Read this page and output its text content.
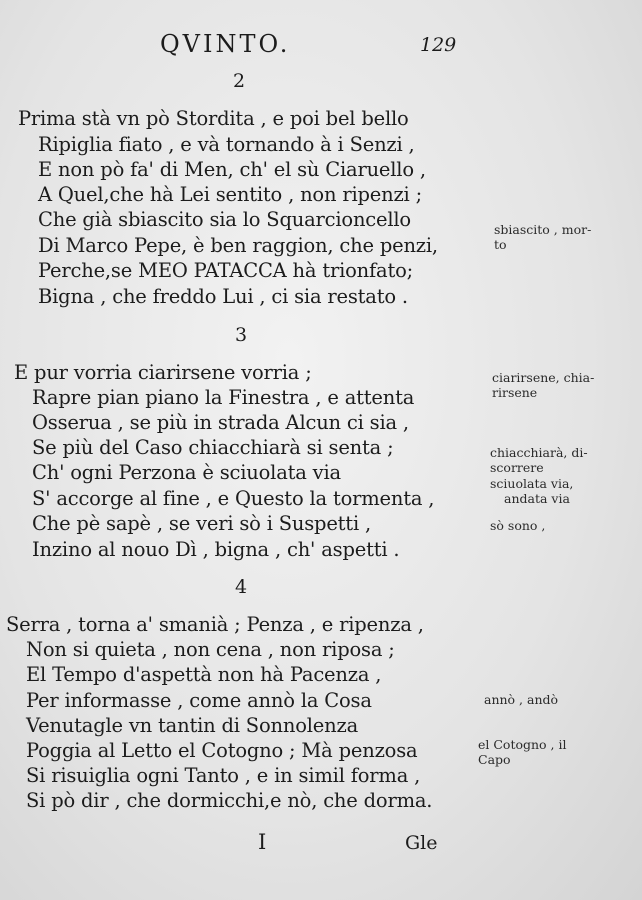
QVINTO.	129
2
Prima stà vn pò Stordita , e poi bel bello
Ripiglia fiato , e và tornando à i Senzi ,
E non pò fa' di Men, ch' el sù Ciaruello ,
A Quel,che hà Lei sentito , non ripenzi ;
Che già sbiascito sia lo Squarcioncello
Di Marco Pepe, è ben raggion, che penzi,
Perche,se MEO PATACCA hà trionfato;
Bigna , che freddo Lui , ci sia restato .
3
E pur vorria ciarirsene vorria ;
Rapre pian piano la Finestra , e attenta
Osserua , se più in strada Alcun ci sia ,
Se più del Caso chiacchiarà si senta ;
Ch' ogni Perzona è sciuolata via
S' accorge al fine , e Questo la tormenta ,
Che pè sapè , se veri sò i Suspetti ,
Inzino al nouo Dì , bigna , ch' aspetti .
4
Serra , torna a' smanià ; Penza , e ripenza ,
Non si quieta , non cena , non riposa ;
El Tempo d'aspettà non hà Pacenza ,
Per informasse , come annò la Cosa
Venutagle vn tantin di Sonnolenza
Poggia al Letto el Cotogno ; Mà penzosa
Si risuiglia ogni Tanto , e in simil forma ,
Si pò dir , che dormicchi,e nò, che dorma.
sbiascito , mor-
to
ciarirsene, chia-
rirsene
chiacchiarà, di-
scorrere
sciuolata via,
andata via
sò sono ,
annò , andò
el Cotogno , il
Capo
I	Gle
